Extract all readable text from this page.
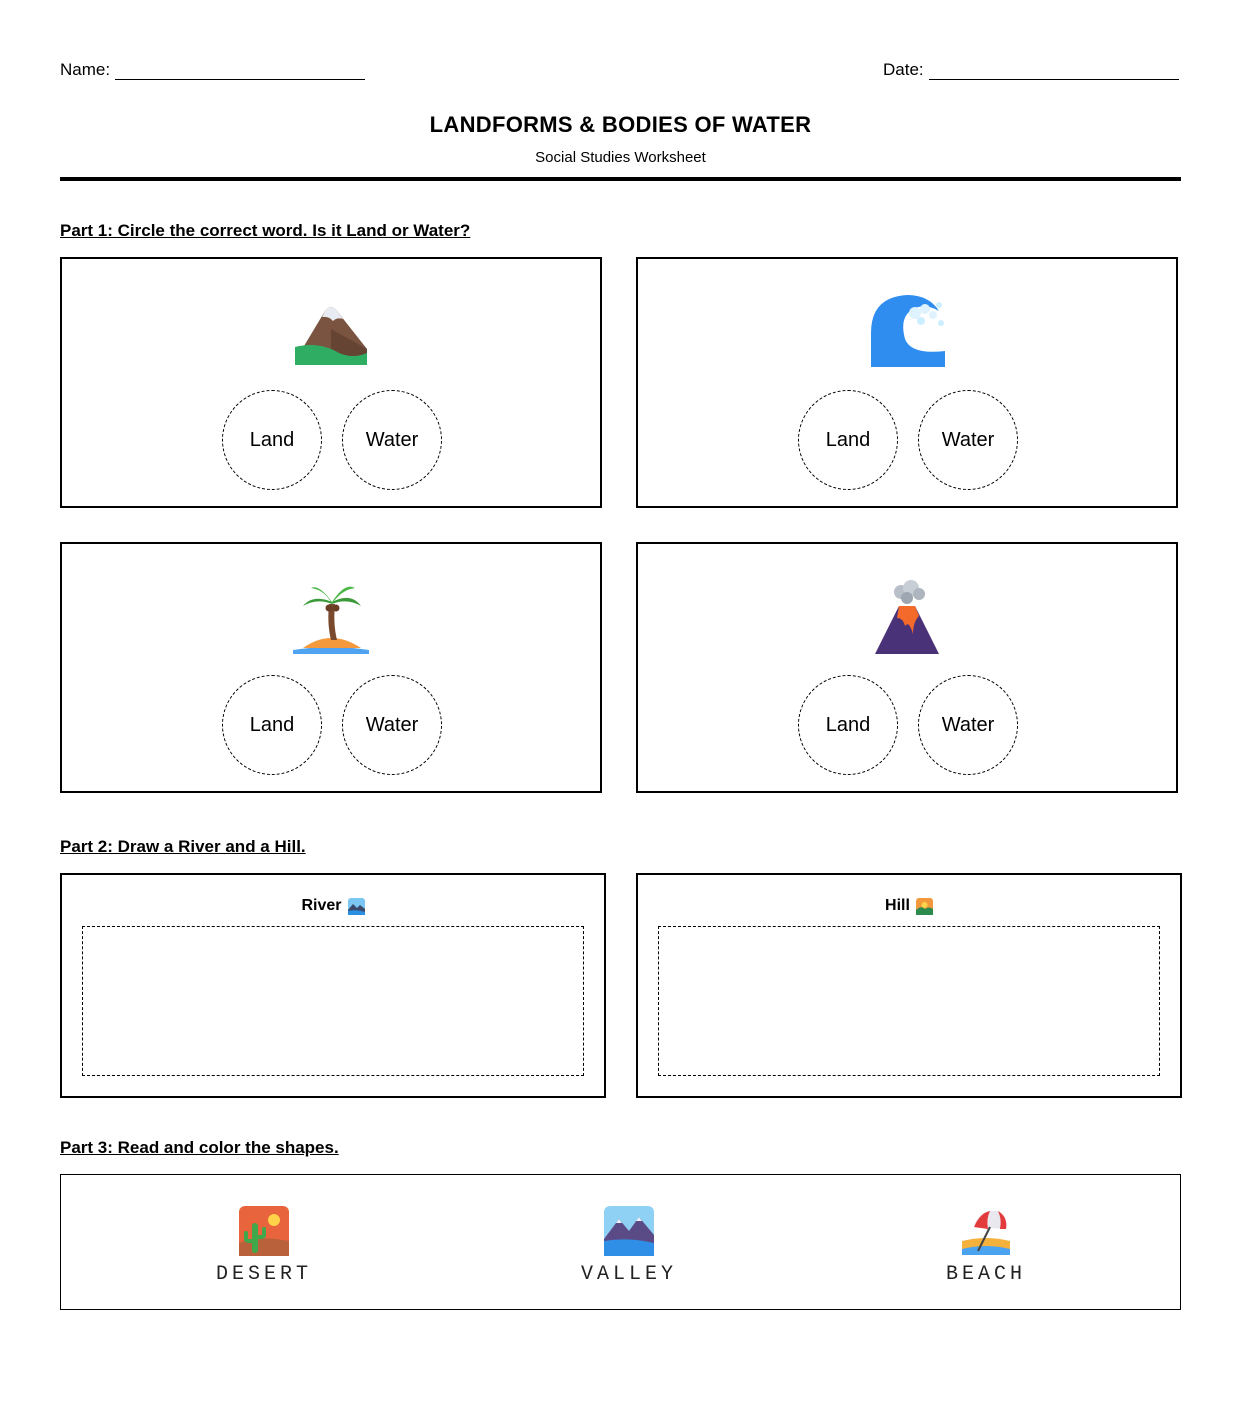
Name:	Date:
LANDFORMS & BODIES OF WATER
Social Studies Worksheet
Part 1: Circle the correct word. Is it Land or Water?
Land	Water	Land	Water
Land	Water	Land	Water
Part 2: Draw a River and a Hill.
River	Hill
Part 3: Read and color the shapes.
DESERT	VALLEY	BEACH
